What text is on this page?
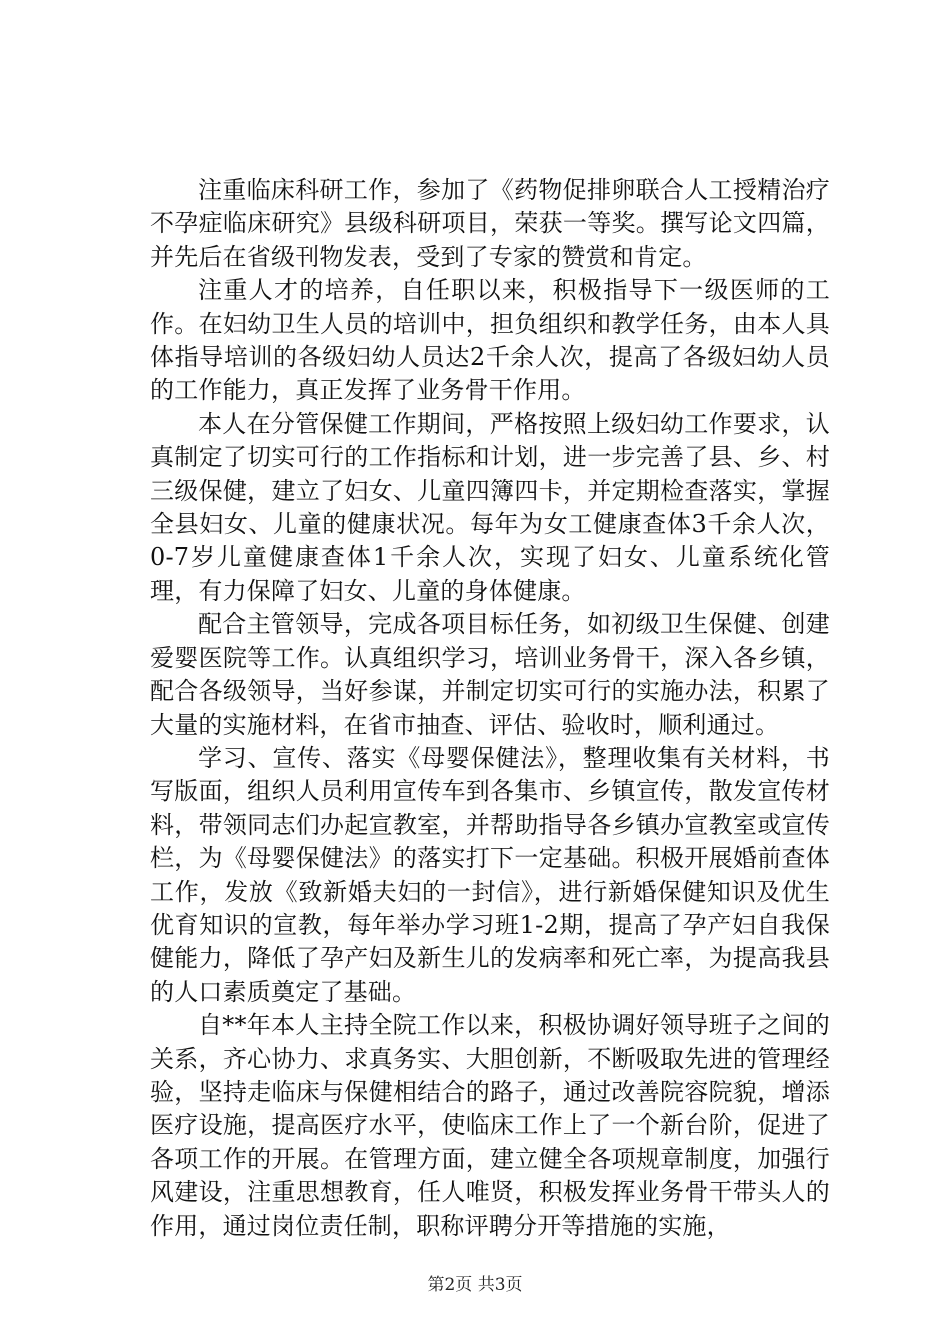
注重临床科研工作，参加了《药物促排卵联合人工授精治疗不孕症临床研究》县级科研项目，荣获一等奖。撰写论文四篇，并先后在省级刊物发表，受到了专家的赞赏和肯定。

注重人才的培养，自任职以来，积极指导下一级医师的工作。在妇幼卫生人员的培训中，担负组织和教学任务，由本人具体指导培训的各级妇幼人员达2千余人次，提高了各级妇幼人员的工作能力，真正发挥了业务骨干作用。

本人在分管保健工作期间，严格按照上级妇幼工作要求，认真制定了切实可行的工作指标和计划，进一步完善了县、乡、村三级保健，建立了妇女、儿童四簿四卡，并定期检查落实，掌握全县妇女、儿童的健康状况。每年为女工健康查体3千余人次，0-7岁儿童健康查体1千余人次，实现了妇女、儿童系统化管理，有力保障了妇女、儿童的身体健康。

配合主管领导，完成各项目标任务，如初级卫生保健、创建爱婴医院等工作。认真组织学习，培训业务骨干，深入各乡镇，配合各级领导，当好参谋，并制定切实可行的实施办法，积累了大量的实施材料，在省市抽查、评估、验收时，顺利通过。

学习、宣传、落实《母婴保健法》，整理收集有关材料，书写版面，组织人员利用宣传车到各集市、乡镇宣传，散发宣传材料，带领同志们办起宣教室，并帮助指导各乡镇办宣教室或宣传栏，为《母婴保健法》的落实打下一定基础。积极开展婚前查体工作，发放《致新婚夫妇的一封信》，进行新婚保健知识及优生优育知识的宣教，每年举办学习班1-2期，提高了孕产妇自我保健能力，降低了孕产妇及新生儿的发病率和死亡率，为提高我县的人口素质奠定了基础。

自**年本人主持全院工作以来，积极协调好领导班子之间的关系，齐心协力、求真务实、大胆创新，不断吸取先进的管理经验，坚持走临床与保健相结合的路子，通过改善院容院貌，增添医疗设施，提高医疗水平，使临床工作上了一个新台阶，促进了各项工作的开展。在管理方面，建立健全各项规章制度，加强行风建设，注重思想教育，任人唯贤，积极发挥业务骨干带头人的作用，通过岗位责任制，职称评聘分开等措施的实施，

第2页 共3页
